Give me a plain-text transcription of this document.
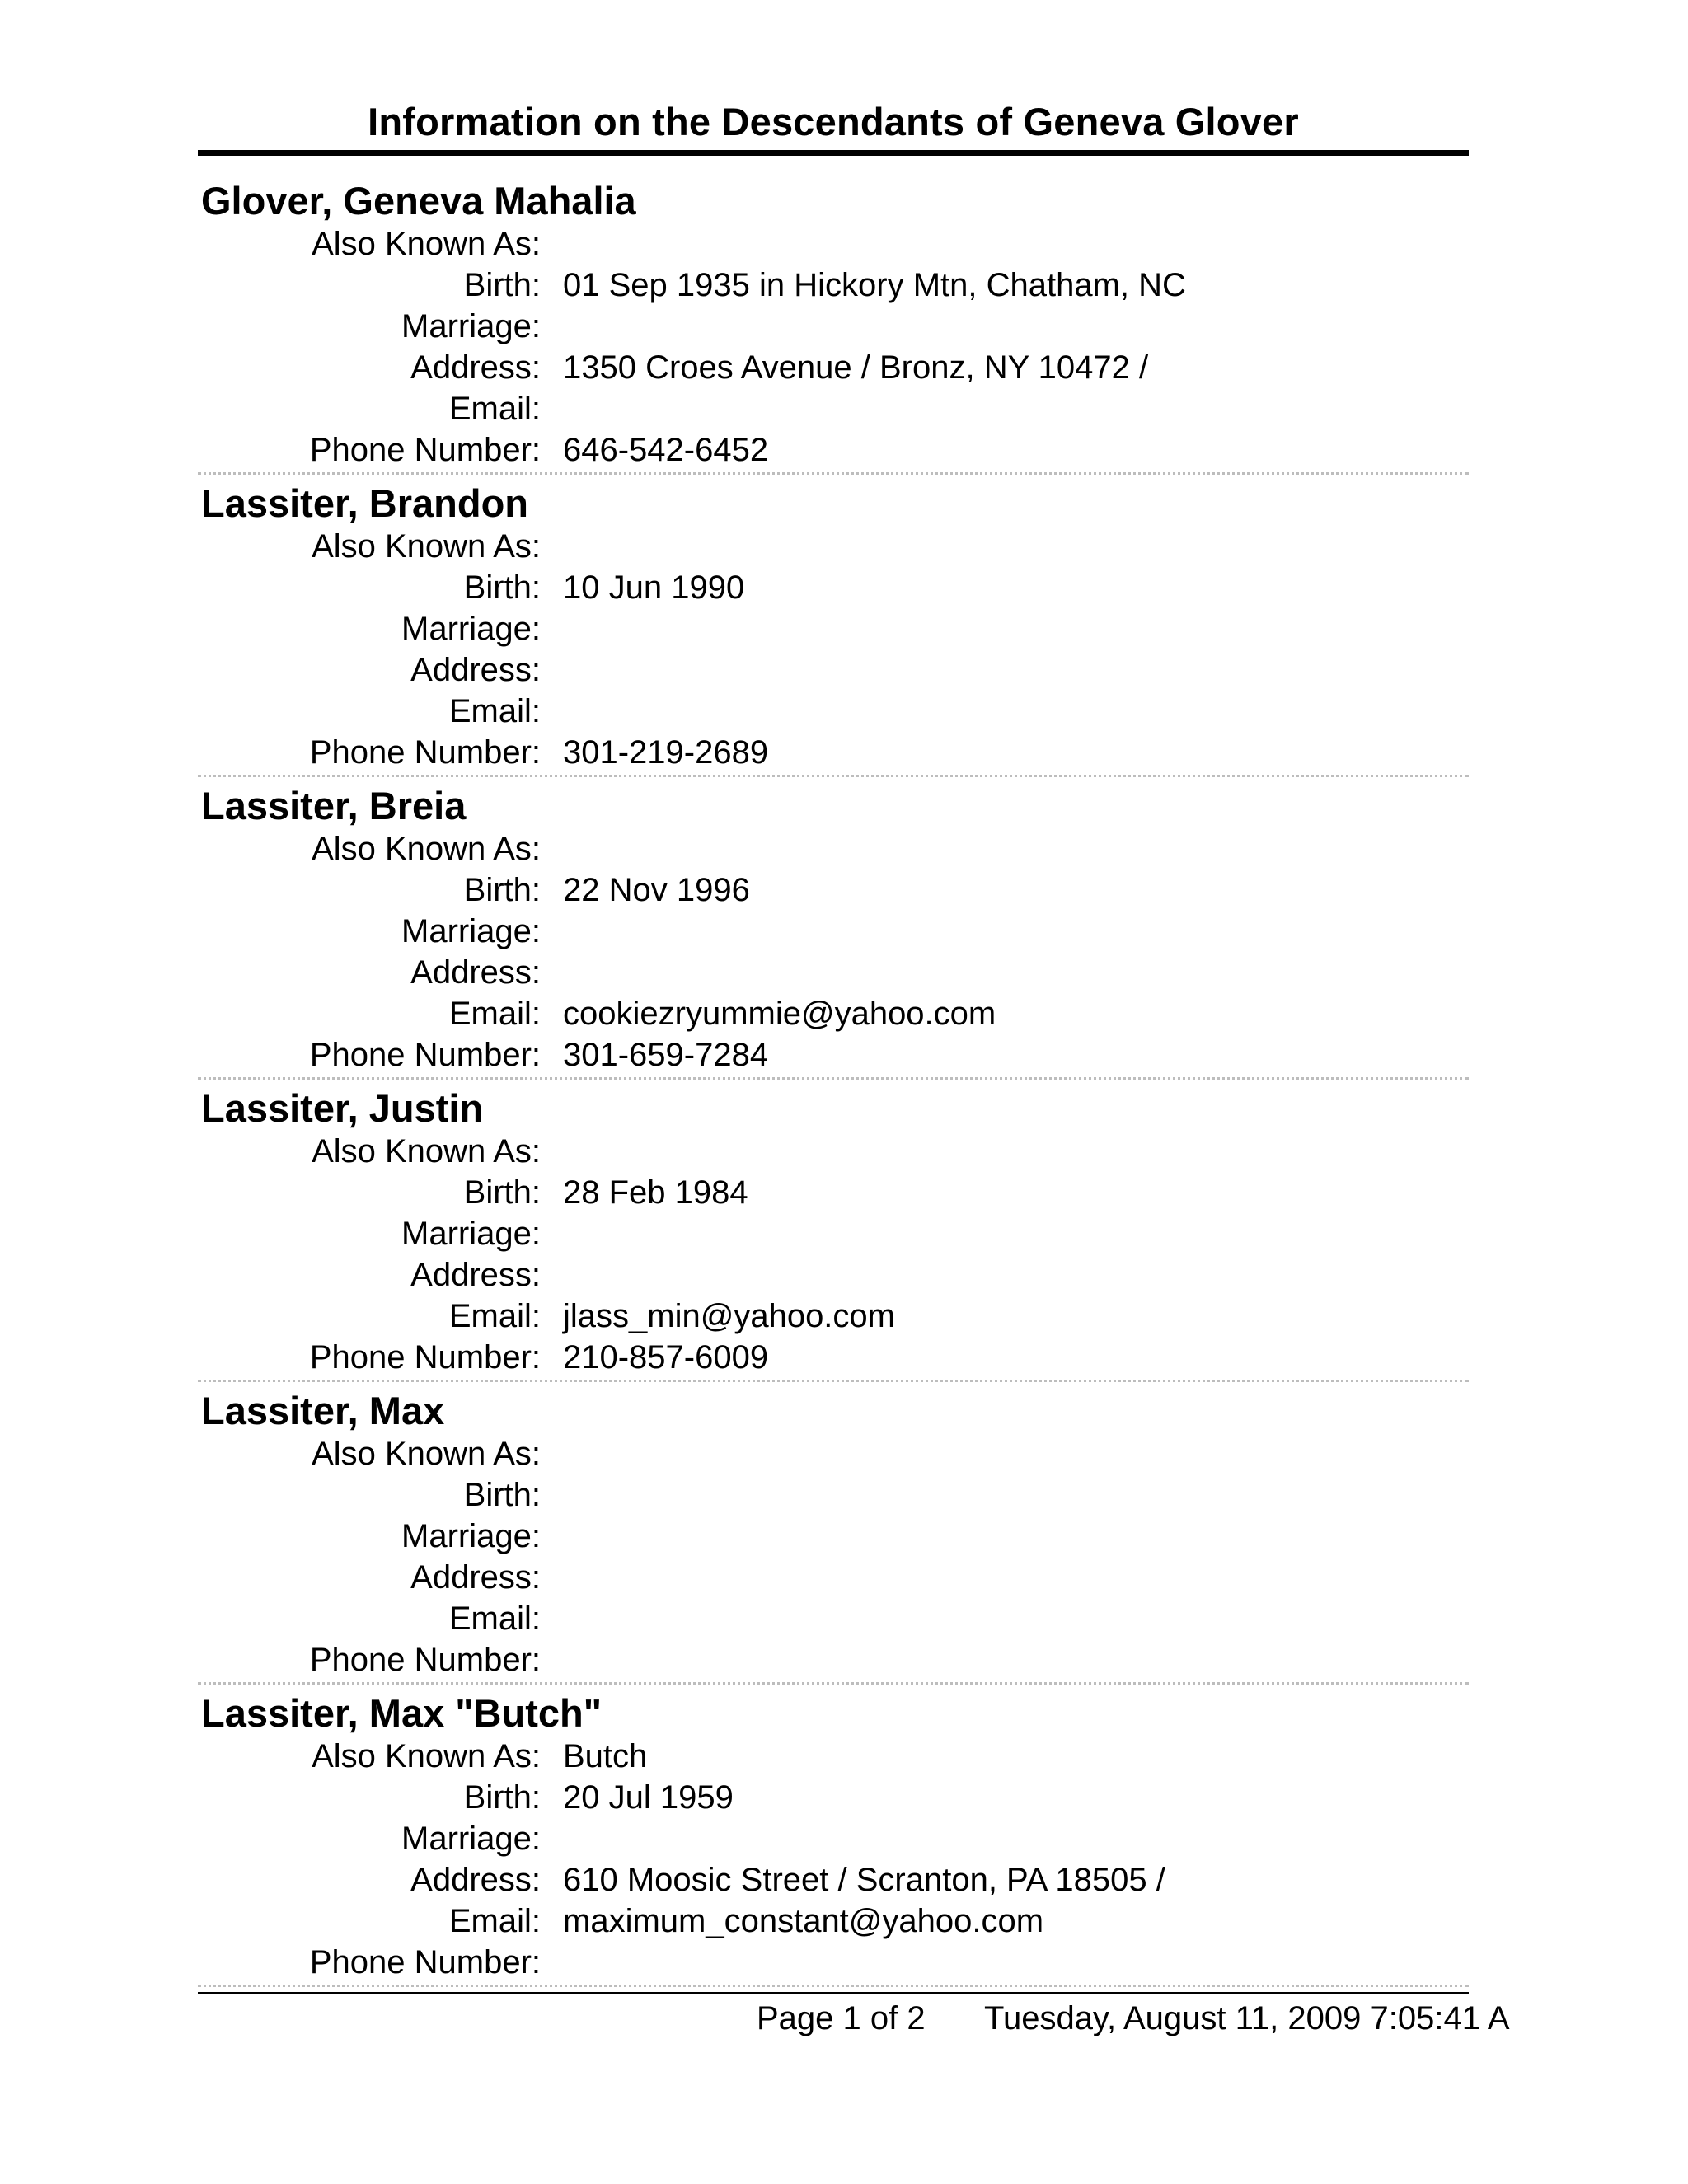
Information on the Descendants of Geneva Glover
Glover, Geneva Mahalia
Also Known As:
Birth: 01 Sep 1935 in Hickory Mtn, Chatham, NC
Marriage:
Address: 1350 Croes Avenue / Bronz, NY 10472 /
Email:
Phone Number: 646-542-6452
Lassiter, Brandon
Also Known As:
Birth: 10 Jun 1990
Marriage:
Address:
Email:
Phone Number: 301-219-2689
Lassiter, Breia
Also Known As:
Birth: 22 Nov 1996
Marriage:
Address:
Email: cookiezryummie@yahoo.com
Phone Number: 301-659-7284
Lassiter, Justin
Also Known As:
Birth: 28 Feb 1984
Marriage:
Address:
Email: jlass_min@yahoo.com
Phone Number: 210-857-6009
Lassiter, Max
Also Known As:
Birth:
Marriage:
Address:
Email:
Phone Number:
Lassiter, Max "Butch"
Also Known As: Butch
Birth: 20 Jul 1959
Marriage:
Address: 610 Moosic Street / Scranton, PA 18505 /
Email: maximum_constant@yahoo.com
Phone Number:
Page 1 of 2 Tuesday, August 11, 2009 7:05:41 A
